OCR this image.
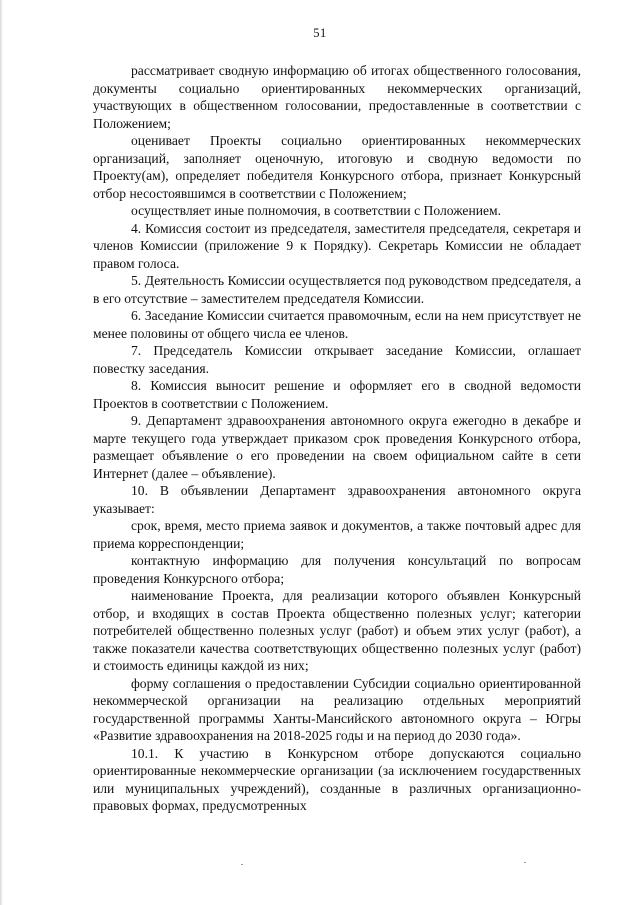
51

рассматривает сводную информацию об итогах общественного голосования, документы социально ориентированных некоммерческих организаций, участвующих в общественном голосовании, предоставленные в соответствии с Положением;

оценивает Проекты социально ориентированных некоммерческих организаций, заполняет оценочную, итоговую и сводную ведомости по Проекту(ам), определяет победителя Конкурсного отбора, признает Конкурсный отбор несостоявшимся в соответствии с Положением;

осуществляет иные полномочия, в соответствии с Положением.

4. Комиссия состоит из председателя, заместителя председателя, секретаря и членов Комиссии (приложение 9 к Порядку). Секретарь Комиссии не обладает правом голоса.

5. Деятельность Комиссии осуществляется под руководством председателя, а в его отсутствие – заместителем председателя Комиссии.

6. Заседание Комиссии считается правомочным, если на нем присутствует не менее половины от общего числа ее членов.

7. Председатель Комиссии открывает заседание Комиссии, оглашает повестку заседания.

8. Комиссия выносит решение и оформляет его в сводной ведомости Проектов в соответствии с Положением.

9. Департамент здравоохранения автономного округа ежегодно в декабре и марте текущего года утверждает приказом срок проведения Конкурсного отбора, размещает объявление о его проведении на своем официальном сайте в сети Интернет (далее – объявление).

10. В объявлении Департамент здравоохранения автономного округа указывает:

срок, время, место приема заявок и документов, а также почтовый адрес для приема корреспонденции;

контактную информацию для получения консультаций по вопросам проведения Конкурсного отбора;

наименование Проекта, для реализации которого объявлен Конкурсный отбор, и входящих в состав Проекта общественно полезных услуг; категории потребителей общественно полезных услуг (работ) и объем этих услуг (работ), а также показатели качества соответствующих общественно полезных услуг (работ) и стоимость единицы каждой из них;

форму соглашения о предоставлении Субсидии социально ориентированной некоммерческой организации на реализацию отдельных мероприятий государственной программы Ханты-Мансийского автономного округа – Югры «Развитие здравоохранения на 2018-2025 годы и на период до 2030 года».

10.1. К участию в Конкурсном отборе допускаются социально ориентированные некоммерческие организации (за исключением государственных или муниципальных учреждений), созданные в различных организационно-правовых формах, предусмотренных
